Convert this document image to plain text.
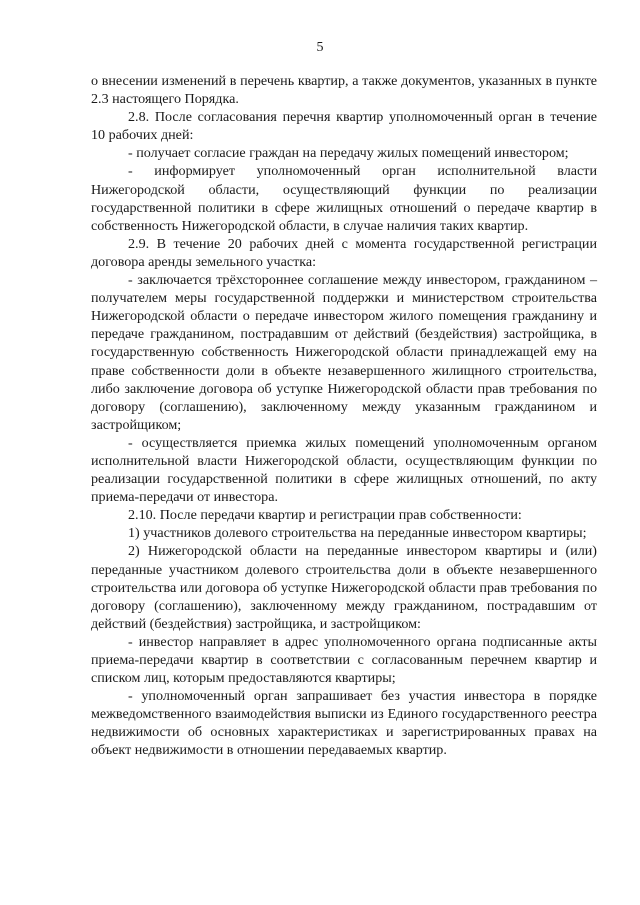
5

о внесении изменений в перечень квартир, а также документов, указанных в пункте 2.3 настоящего Порядка.

2.8. После согласования перечня квартир уполномоченный орган в течение 10 рабочих дней:

- получает согласие граждан на передачу жилых помещений инвестором;

- информирует уполномоченный орган исполнительной власти Нижегородской области, осуществляющий функции по реализации государственной политики в сфере жилищных отношений о передаче квартир в собственность Нижегородской области, в случае наличия таких квартир.

2.9. В течение 20 рабочих дней с момента государственной регистрации договора аренды земельного участка:

- заключается трёхстороннее соглашение между инвестором, гражданином – получателем меры государственной поддержки и министерством строительства Нижегородской области о передаче инвестором жилого помещения гражданину и передаче гражданином, пострадавшим от действий (бездействия) застройщика, в государственную собственность Нижегородской области принадлежащей ему на праве собственности доли в объекте незавершенного жилищного строительства, либо заключение договора об уступке Нижегородской области прав требования по договору (соглашению), заключенному между указанным гражданином и застройщиком;

- осуществляется приемка жилых помещений уполномоченным органом исполнительной власти Нижегородской области, осуществляющим функции по реализации государственной политики в сфере жилищных отношений, по акту приема-передачи от инвестора.

2.10. После передачи квартир и регистрации прав собственности:

1) участников долевого строительства на переданные инвестором квартиры;

2) Нижегородской области на переданные инвестором квартиры и (или) переданные участником долевого строительства доли в объекте незавершенного строительства или договора об уступке Нижегородской области прав требования по договору (соглашению), заключенному между гражданином, пострадавшим от действий (бездействия) застройщика, и застройщиком:

- инвестор направляет в адрес уполномоченного органа подписанные акты приема-передачи квартир в соответствии с согласованным перечнем квартир и списком лиц, которым предоставляются квартиры;

- уполномоченный орган запрашивает без участия инвестора в порядке межведомственного взаимодействия выписки из Единого государственного реестра недвижимости об основных характеристиках и зарегистрированных правах на объект недвижимости в отношении передаваемых квартир.
